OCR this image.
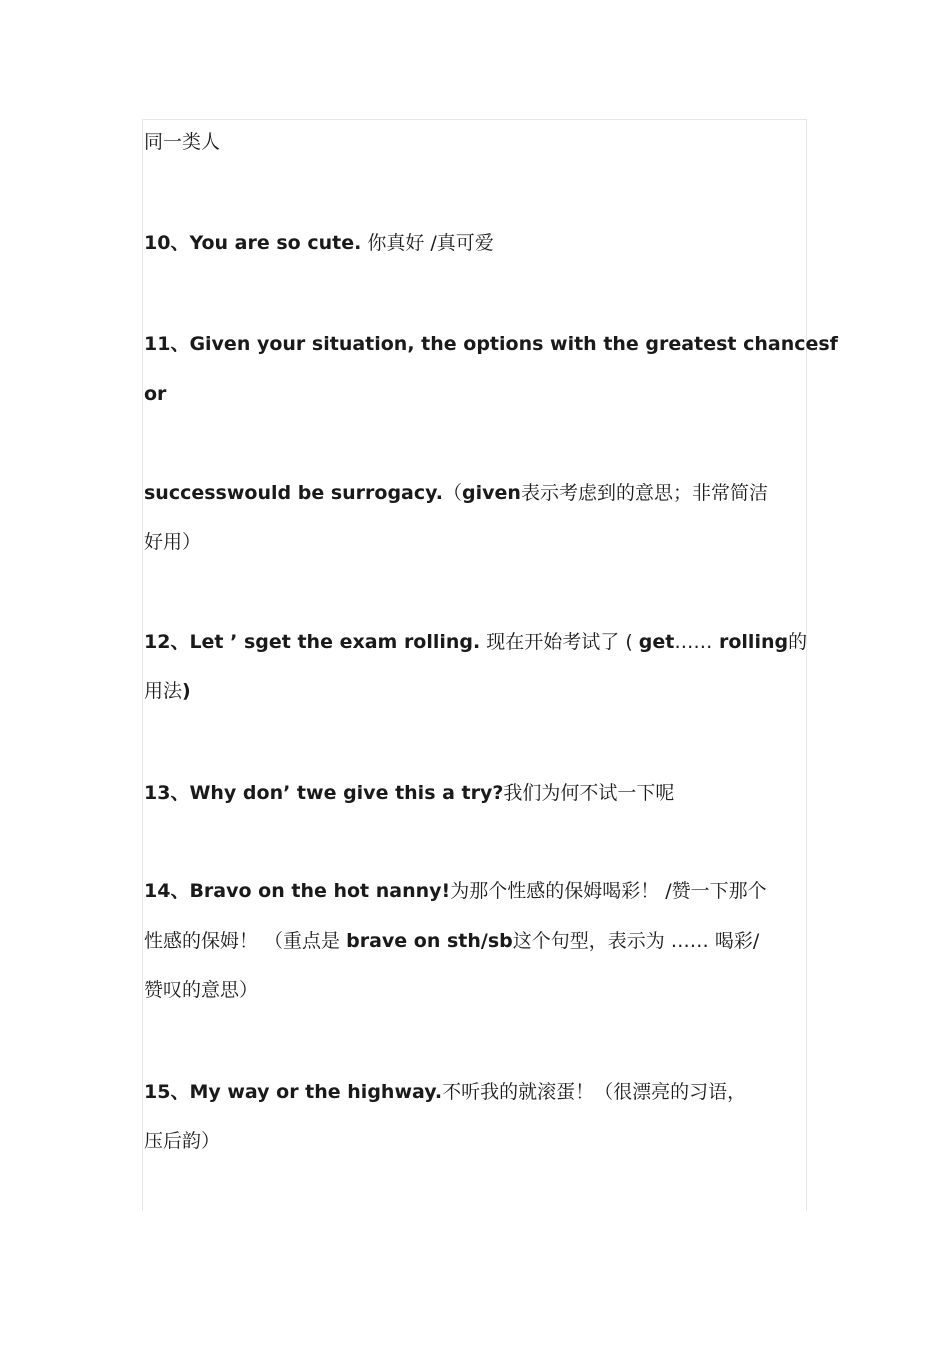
同一类人
10、You are so cute. 你真好 /真可爱
11、Given your situation, the options with the greatest chancesf
or
successwould be surrogacy.（given表示考虑到的意思；非常简洁
好用）
12、Let ’ sget the exam rolling. 现在开始考试了 ( get…… rolling的
用法)
13、Why don’ twe give this a try?我们为何不试一下呢
14、Bravo on the hot nanny!为那个性感的保姆喝彩！ /赞一下那个
性感的保姆！ （重点是 brave on sth/sb这个句型，表示为 …… 喝彩/
赞叹的意思）
15、My way or the highway.不听我的就滚蛋！（很漂亮的习语，
压后韵）
